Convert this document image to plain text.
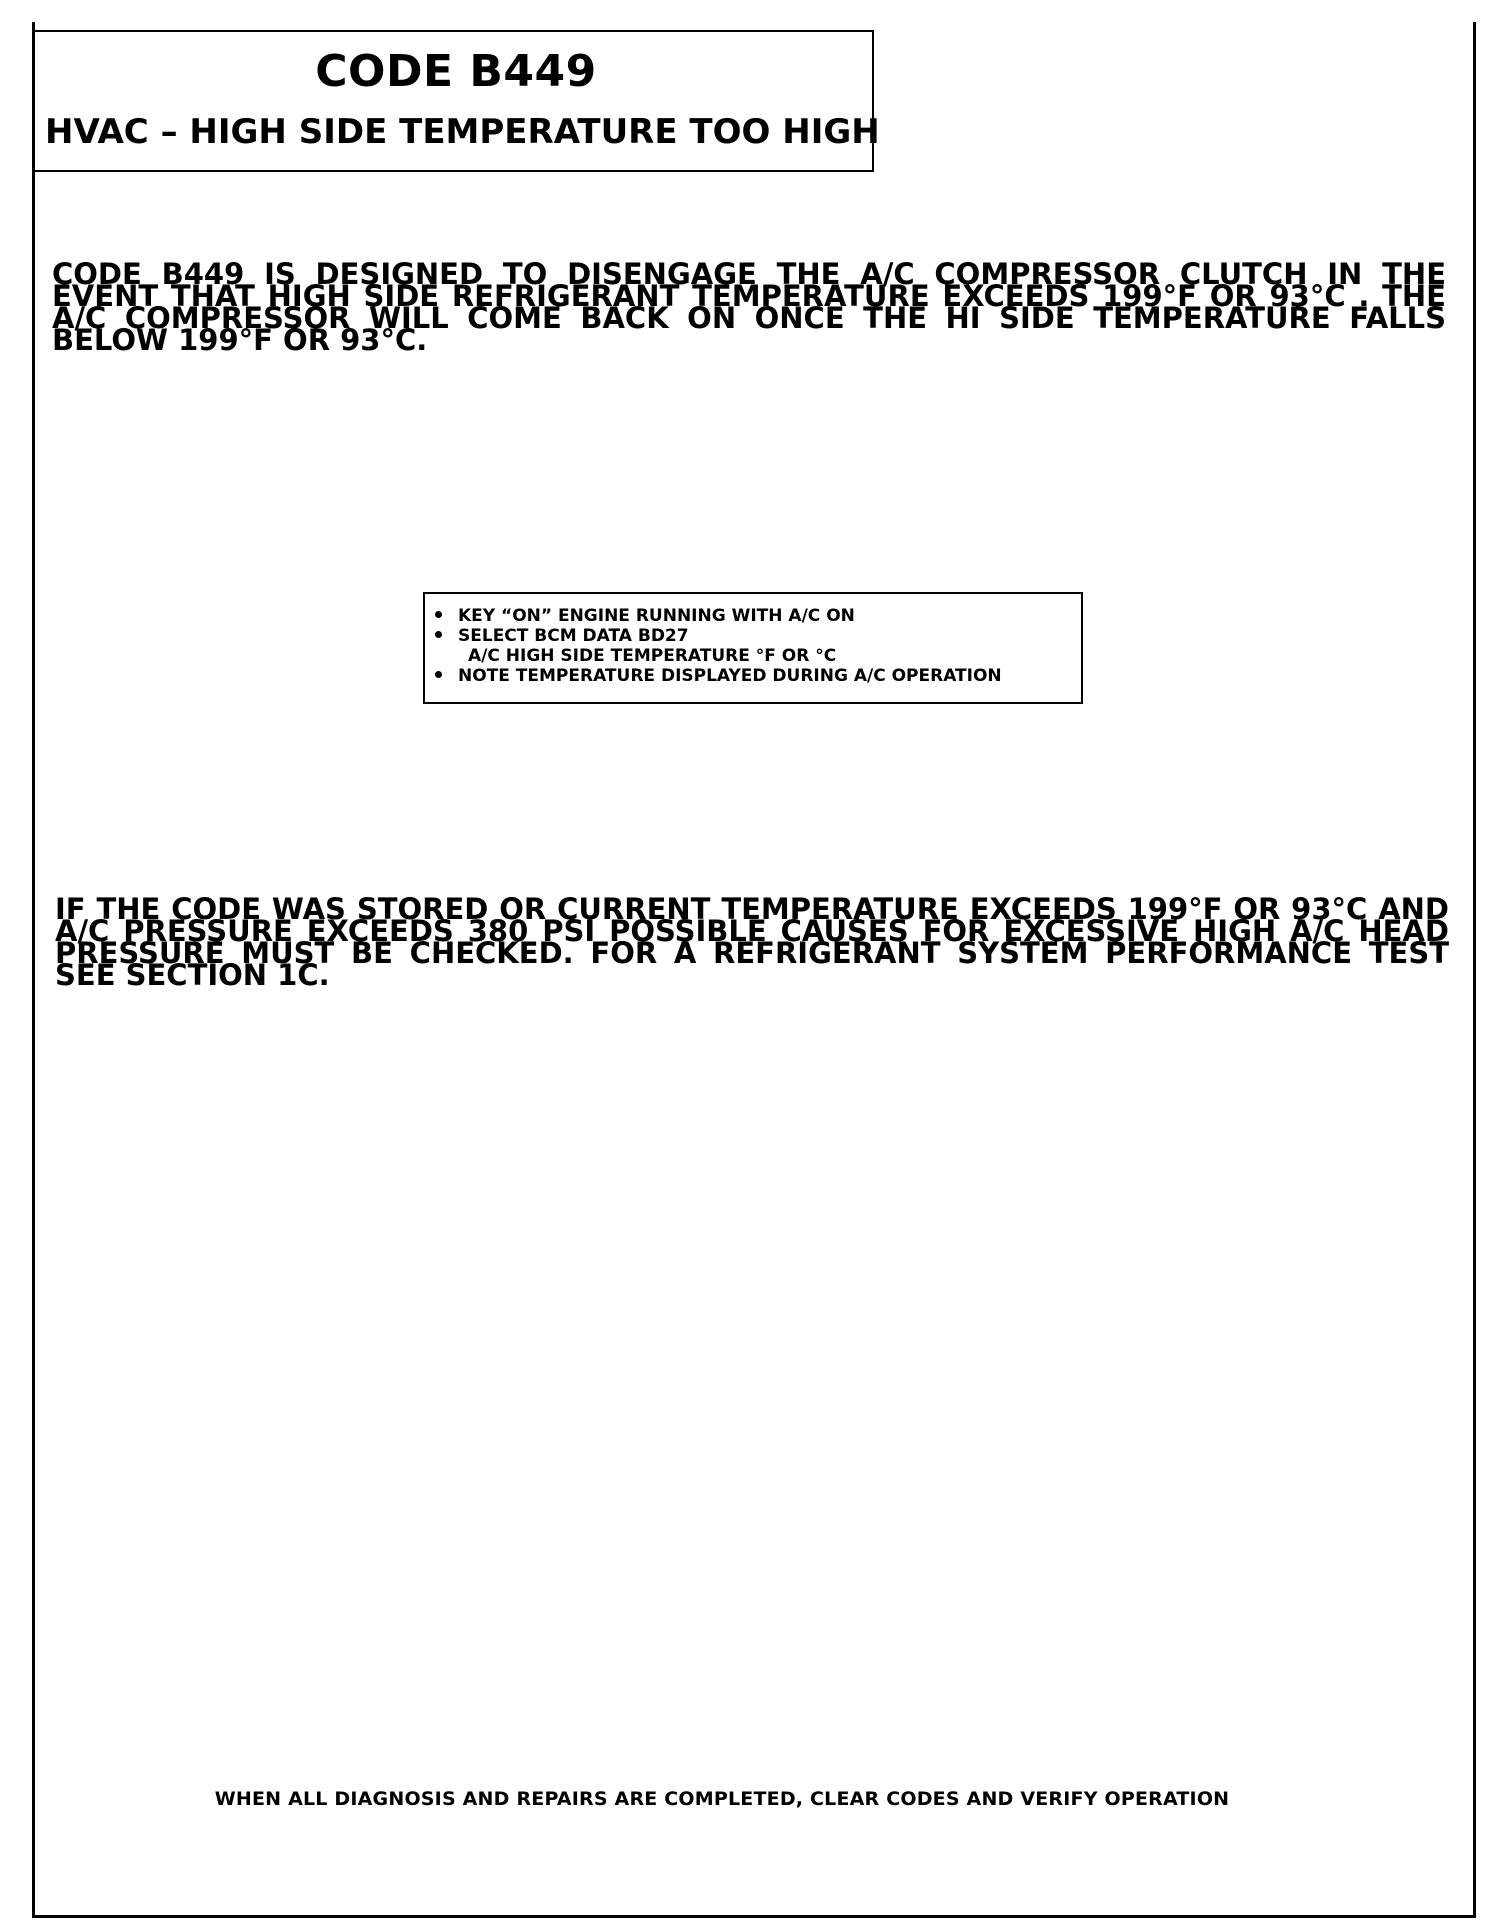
CODE B449
HVAC – HIGH SIDE TEMPERATURE TOO HIGH

CODE B449 IS DESIGNED TO DISENGAGE THE A/C COMPRESSOR CLUTCH IN THE EVENT THAT HIGH SIDE REFRIGERANT TEMPERATURE EXCEEDS 199°F OR 93°C . THE A/C COMPRESSOR WILL COME BACK ON ONCE THE HI SIDE TEMPERATURE FALLS BELOW 199°F OR 93°C.

KEY “ON” ENGINE RUNNING WITH A/C ON
SELECT BCM DATA BD27
A/C HIGH SIDE TEMPERATURE °F OR °C
NOTE TEMPERATURE DISPLAYED DURING A/C OPERATION

IF THE CODE WAS STORED OR CURRENT TEMPERATURE EXCEEDS 199°F OR 93°C AND A/C PRESSURE EXCEEDS 380 PSI POSSIBLE CAUSES FOR EXCESSIVE HIGH A/C HEAD PRESSURE MUST BE CHECKED. FOR A REFRIGERANT SYSTEM PERFORMANCE TEST SEE SECTION 1C.

WHEN ALL DIAGNOSIS AND REPAIRS ARE COMPLETED, CLEAR CODES AND VERIFY OPERATION
